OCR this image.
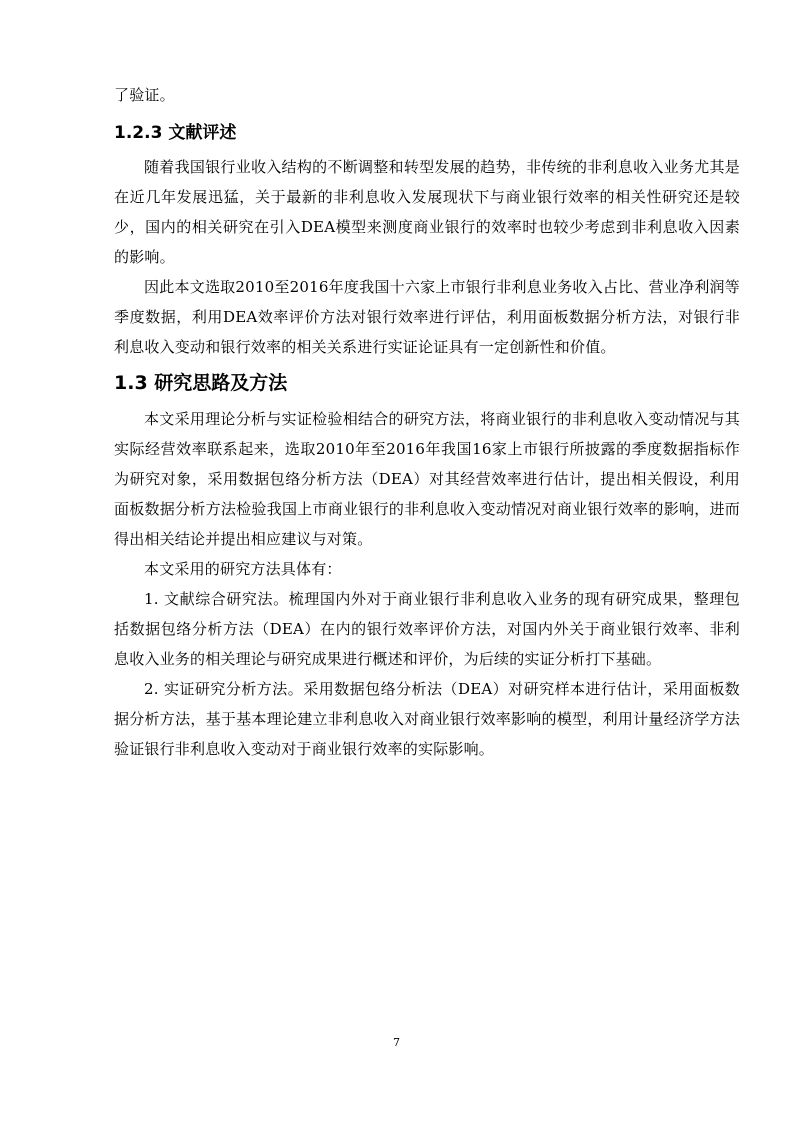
了验证。

1.2.3 文献评述

随着我国银行业收入结构的不断调整和转型发展的趋势，非传统的非利息收入业务尤其是在近几年发展迅猛，关于最新的非利息收入发展现状下与商业银行效率的相关性研究还是较少，国内的相关研究在引入DEA模型来测度商业银行的效率时也较少考虑到非利息收入因素的影响。

因此本文选取2010至2016年度我国十六家上市银行非利息业务收入占比、营业净利润等季度数据，利用DEA效率评价方法对银行效率进行评估，利用面板数据分析方法，对银行非利息收入变动和银行效率的相关关系进行实证论证具有一定创新性和价值。

1.3 研究思路及方法

本文采用理论分析与实证检验相结合的研究方法，将商业银行的非利息收入变动情况与其实际经营效率联系起来，选取2010年至2016年我国16家上市银行所披露的季度数据指标作为研究对象，采用数据包络分析方法（DEA）对其经营效率进行估计，提出相关假设，利用面板数据分析方法检验我国上市商业银行的非利息收入变动情况对商业银行效率的影响，进而得出相关结论并提出相应建议与对策。

本文采用的研究方法具体有：

1. 文献综合研究法。梳理国内外对于商业银行非利息收入业务的现有研究成果，整理包括数据包络分析方法（DEA）在内的银行效率评价方法，对国内外关于商业银行效率、非利息收入业务的相关理论与研究成果进行概述和评价，为后续的实证分析打下基础。

2. 实证研究分析方法。采用数据包络分析法（DEA）对研究样本进行估计，采用面板数据分析方法，基于基本理论建立非利息收入对商业银行效率影响的模型，利用计量经济学方法验证银行非利息收入变动对于商业银行效率的实际影响。

7
